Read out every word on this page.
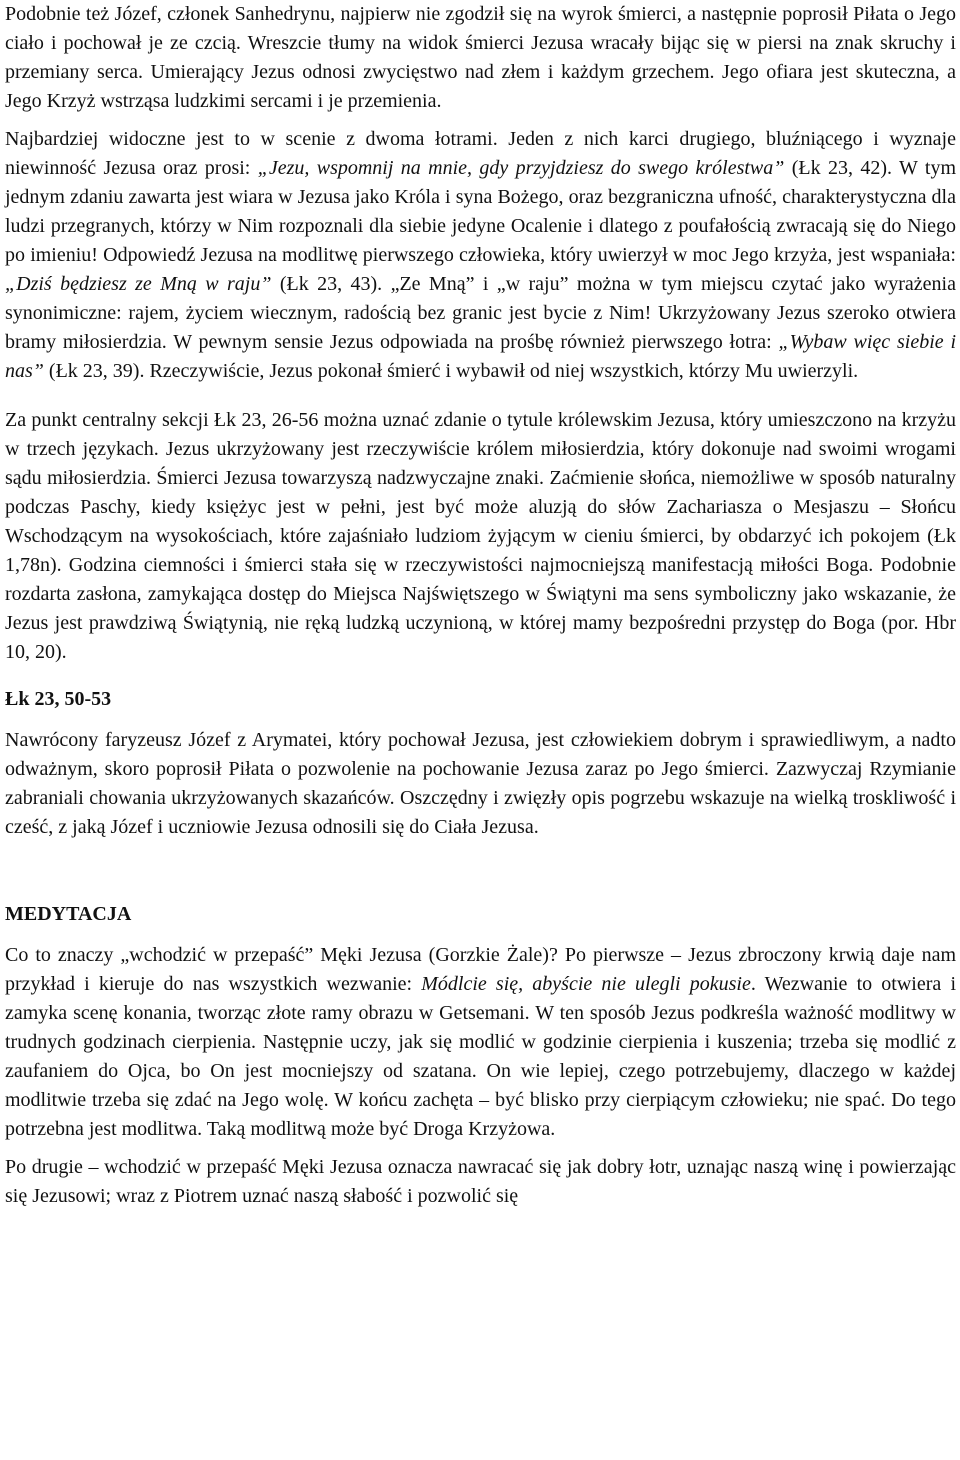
Podobnie też Józef, członek Sanhedrynu, najpierw nie zgodził się na wyrok śmierci, a następnie poprosił Piłata o Jego ciało i pochował je ze czcią. Wreszcie tłumy na widok śmierci Jezusa wracały bijąc się w piersi na znak skruchy i przemiany serca. Umierający Jezus odnosi zwycięstwo nad złem i każdym grzechem. Jego ofiara jest skuteczna, a Jego Krzyż wstrząsa ludzkimi sercami i je przemienia.

Najbardziej widoczne jest to w scenie z dwoma łotrami. Jeden z nich karci drugiego, bluźniącego i wyznaje niewinność Jezusa oraz prosi: „Jezu, wspomnij na mnie, gdy przyjdziesz do swego królestwa” (Łk 23, 42). W tym jednym zdaniu zawarta jest wiara w Jezusa jako Króla i syna Bożego, oraz bezgraniczna ufność, charakterystyczna dla ludzi przegranych, którzy w Nim rozpoznali dla siebie jedyne Ocalenie i dlatego z poufałością zwracają się do Niego po imieniu! Odpowiedź Jezusa na modlitwę pierwszego człowieka, który uwierzył w moc Jego krzyża, jest wspaniała: „Dziś będziesz ze Mną w raju” (Łk 23, 43). „Ze Mną” i „w raju” można w tym miejscu czytać jako wyrażenia synonimiczne: rajem, życiem wiecznym, radością bez granic jest bycie z Nim! Ukrzyżowany Jezus szeroko otwiera bramy miłosierdzia. W pewnym sensie Jezus odpowiada na prośbę również pierwszego łotra: „Wybaw więc siebie i nas” (Łk 23, 39). Rzeczywiście, Jezus pokonał śmierć i wybawił od niej wszystkich, którzy Mu uwierzyli.

Za punkt centralny sekcji Łk 23, 26-56 można uznać zdanie o tytule królewskim Jezusa, który umieszczono na krzyżu w trzech językach. Jezus ukrzyżowany jest rzeczywiście królem miłosierdzia, który dokonuje nad swoimi wrogami sądu miłosierdzia. Śmierci Jezusa towarzyszą nadzwyczajne znaki. Zaćmienie słońca, niemożliwe w sposób naturalny podczas Paschy, kiedy księżyc jest w pełni, jest być może aluzją do słów Zachariasza o Mesjaszu – Słońcu Wschodzącym na wysokościach, które zajaśniało ludziom żyjącym w cieniu śmierci, by obdarzyć ich pokojem (Łk 1,78n). Godzina ciemności i śmierci stała się w rzeczywistości najmocniejszą manifestacją miłości Boga. Podobnie rozdarta zasłona, zamykająca dostęp do Miejsca Najświętszego w Świątyni ma sens symboliczny jako wskazanie, że Jezus jest prawdziwą Świątynią, nie ręką ludzką uczynioną, w której mamy bezpośredni przystęp do Boga (por. Hbr 10, 20).

Łk 23, 50-53

Nawrócony faryzeusz Józef z Arymatei, który pochował Jezusa, jest człowiekiem dobrym i sprawiedliwym, a nadto odważnym, skoro poprosił Piłata o pozwolenie na pochowanie Jezusa zaraz po Jego śmierci. Zazwyczaj Rzymianie zabraniali chowania ukrzyżowanych skazańców. Oszczędny i zwięzły opis pogrzebu wskazuje na wielką troskliwość i cześć, z jaką Józef i uczniowie Jezusa odnosili się do Ciała Jezusa.

MEDYTACJA

Co to znaczy „wchodzić w przepaść” Męki Jezusa (Gorzkie Żale)? Po pierwsze – Jezus zbroczony krwią daje nam przykład i kieruje do nas wszystkich wezwanie: Módlcie się, abyście nie ulegli pokusie. Wezwanie to otwiera i zamyka scenę konania, tworząc złote ramy obrazu w Getsemani. W ten sposób Jezus podkreśla ważność modlitwy w trudnych godzinach cierpienia. Następnie uczy, jak się modlić w godzinie cierpienia i kuszenia; trzeba się modlić z zaufaniem do Ojca, bo On jest mocniejszy od szatana. On wie lepiej, czego potrzebujemy, dlaczego w każdej modlitwie trzeba się zdać na Jego wolę. W końcu zachęta – być blisko przy cierpiącym człowieku; nie spać. Do tego potrzebna jest modlitwa. Taką modlitwą może być Droga Krzyżowa.

Po drugie – wchodzić w przepaść Męki Jezusa oznacza nawracać się jak dobry łotr, uznając naszą winę i powierzając się Jezusowi; wraz z Piotrem uznać naszą słabość i pozwolić się
